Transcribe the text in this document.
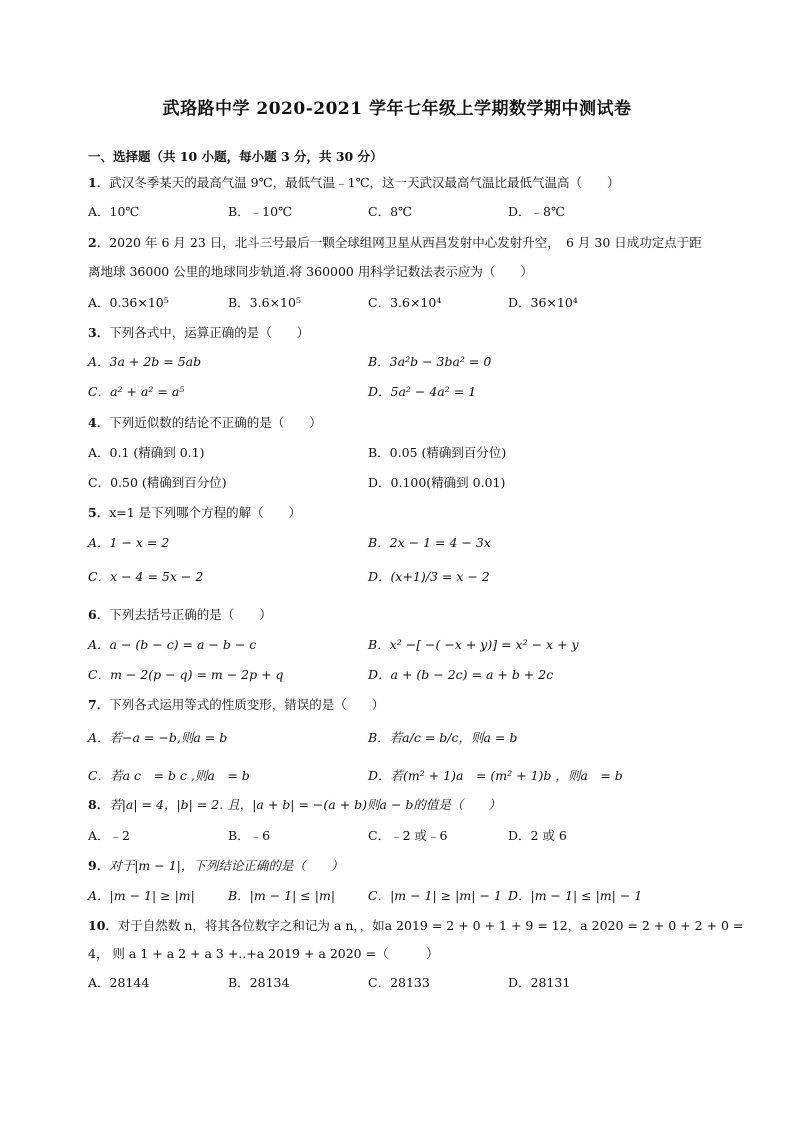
武珞路中学 2020-2021 学年七年级上学期数学期中测试卷
一、选择题（共 10 小题，每小题 3 分，共 30 分）
1．武汉冬季某天的最高气温 9℃，最低气温﹣1℃，这一天武汉最高气温比最低气温高（　　）
A．10℃	B．﹣10℃	C．8℃	D．﹣8℃
2．2020 年 6 月 23 日，北斗三号最后一颗全球组网卫星从西昌发射中心发射升空，　6 月 30 日成功定点于距
离地球 36000 公里的地球同步轨道.将 360000 用科学记数法表示应为（　　）
A．0.36×10⁵	B．3.6×10⁵	C．3.6×10⁴	D．36×10⁴
3．下列各式中，运算正确的是（　　）
A．3a + 2b = 5ab	B．3a²b − 3ba² = 0
C．a² + a² = a⁵	D．5a² − 4a² = 1
4．下列近似数的结论不正确的是（　　）
A．0.1 (精确到 0.1)	B．0.05 (精确到百分位)
C．0.50 (精确到百分位)	D．0.100(精确到 0.01)
5．x=1 是下列哪个方程的解（　　）
A．1 − x = 2	B．2x − 1 = 4 − 3x
C．x − 4 = 5x − 2	D．(x+1)/3 = x − 2
6．下列去括号正确的是（　　）
A．a − (b − c) = a − b − c	B．x² −[ −( −x + y)] = x² − x + y
C．m − 2(p − q) = m − 2p + q	D．a + (b − 2c) = a + b + 2c
7．下列各式运用等式的性质变形，错误的是（　　）
A．若−a = −b,则a = b	B．若a/c = b/c，则a = b
C．若a c　= b c ,则a　= b	D．若(m² + 1)a　= (m² + 1)b ，则a　= b
8．若|a| = 4，|b| = 2. 且，|a + b| = −(a + b)则a − b的值是（　　）
A．﹣2	B．﹣6	C．﹣2 或﹣6	D．2 或 6
9．对于|m − 1|，下列结论正确的是（　　）
A．|m − 1| ≥ |m|	B．|m − 1| ≤ |m|	C．|m − 1| ≥ |m| − 1 D．|m − 1| ≤ |m| − 1
10．对于自然数 n，将其各位数字之和记为 a n，，如a 2019 = 2 + 0 + 1 + 9 = 12，a 2020 = 2 + 0 + 2 + 0 =
4， 则 a 1 + a 2 + a 3 +..+a 2019 + a 2020 =（　　　）
A．28144	B．28134	C．28133	D．28131
